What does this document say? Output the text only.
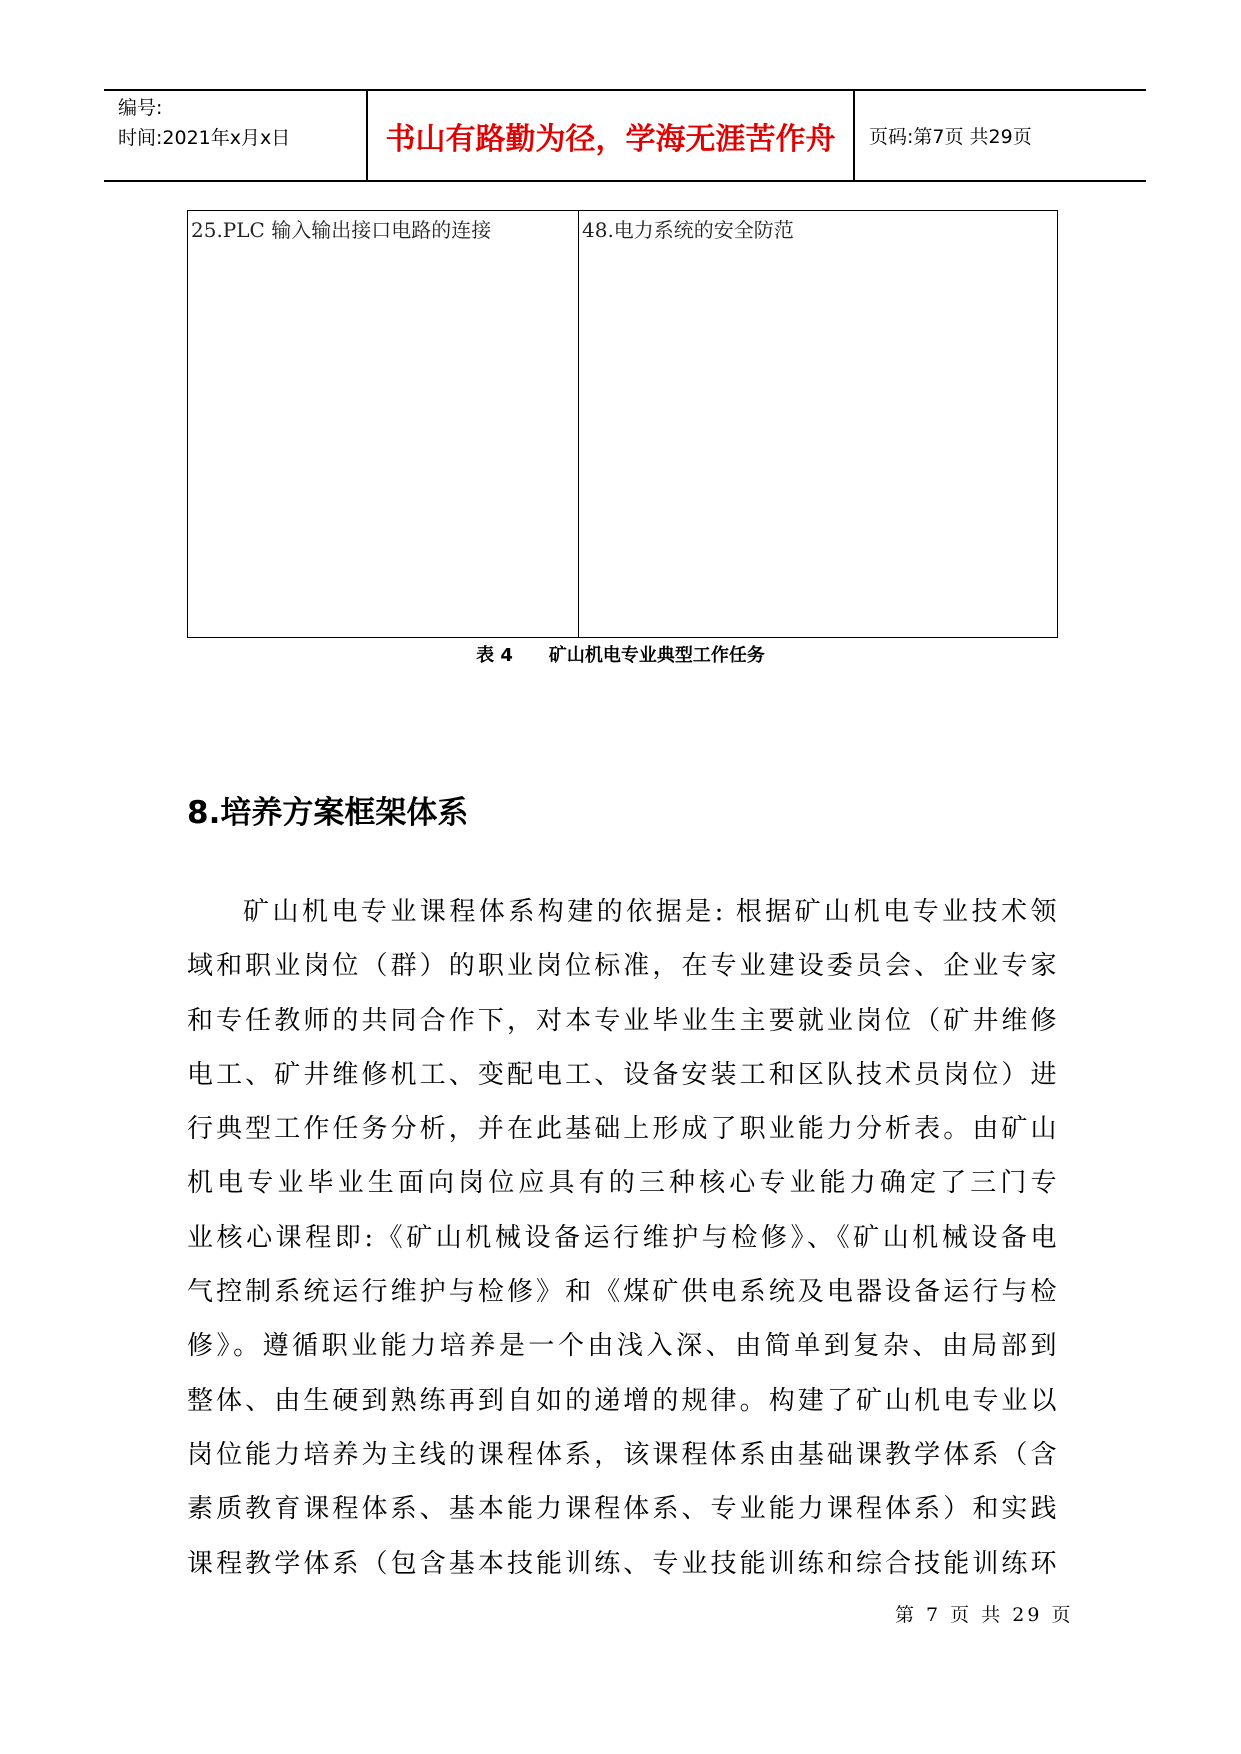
编号:
时间:2021年x月x日	书山有路勤为径，学海无涯苦作舟	页码:第7页 共29页
25.PLC 输入输出接口电路的连接	48.电力系统的安全防范
表 4 矿山机电专业典型工作任务
8.培养方案框架体系
矿山机电专业课程体系构建的依据是: 根据矿山机电专业技术领
域和职业岗位（群）的职业岗位标准，在专业建设委员会、企业专家
和专任教师的共同合作下，对本专业毕业生主要就业岗位（矿井维修
电工、矿井维修机工、变配电工、设备安装工和区队技术员岗位）进
行典型工作任务分析，并在此基础上形成了职业能力分析表。由矿山
机电专业毕业生面向岗位应具有的三种核心专业能力确定了三门专
业核心课程即:《矿山机械设备运行维护与检修》、《矿山机械设备电
气控制系统运行维护与检修》和《煤矿供电系统及电器设备运行与检
修》。遵循职业能力培养是一个由浅入深、由简单到复杂、由局部到
整体、由生硬到熟练再到自如的递增的规律。构建了矿山机电专业以
岗位能力培养为主线的课程体系，该课程体系由基础课教学体系（含
素质教育课程体系、基本能力课程体系、专业能力课程体系）和实践
课程教学体系（包含基本技能训练、专业技能训练和综合技能训练环
第 7 页 共 29 页
